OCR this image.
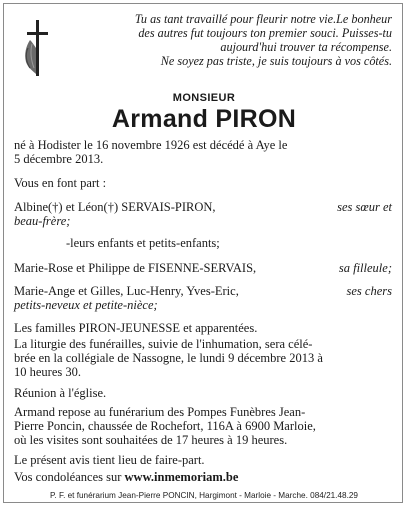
Tu as tant travaillé pour fleurir notre vie.Le bonheur
des autres fut toujours ton premier souci. Puisses-tu
aujourd'hui trouver ta récompense.
Ne soyez pas triste, je suis toujours à vos côtés.
MONSIEUR
Armand PIRON
né à Hodister le 16 novembre 1926 est décédé à Aye le
5 décembre 2013.
Vous en font part :
Albine(†) et Léon(†) SERVAIS-PIRON,	ses sœur et
beau-frère;
-leurs enfants et petits-enfants;
Marie-Rose et Philippe de FISENNE-SERVAIS,	sa filleule;
Marie-Ange et Gilles, Luc-Henry, Yves-Eric,	ses chers
petits-neveux et petite-nièce;
Les familles PIRON-JEUNESSE et apparentées.
La liturgie des funérailles, suivie de l'inhumation, sera célé-
brée en la collégiale de Nassogne, le lundi 9 décembre 2013 à
10 heures 30.
Réunion à l'église.
Armand repose au funérarium des Pompes Funèbres Jean-
Pierre Poncin, chaussée de Rochefort, 116A à 6900 Marloie,
où les visites sont souhaitées de 17 heures à 19 heures.
Le présent avis tient lieu de faire-part.
Vos condoléances sur www.inmemoriam.be
P. F. et funérarium Jean-Pierre PONCIN, Hargimont - Marloie - Marche. 084/21.48.29
